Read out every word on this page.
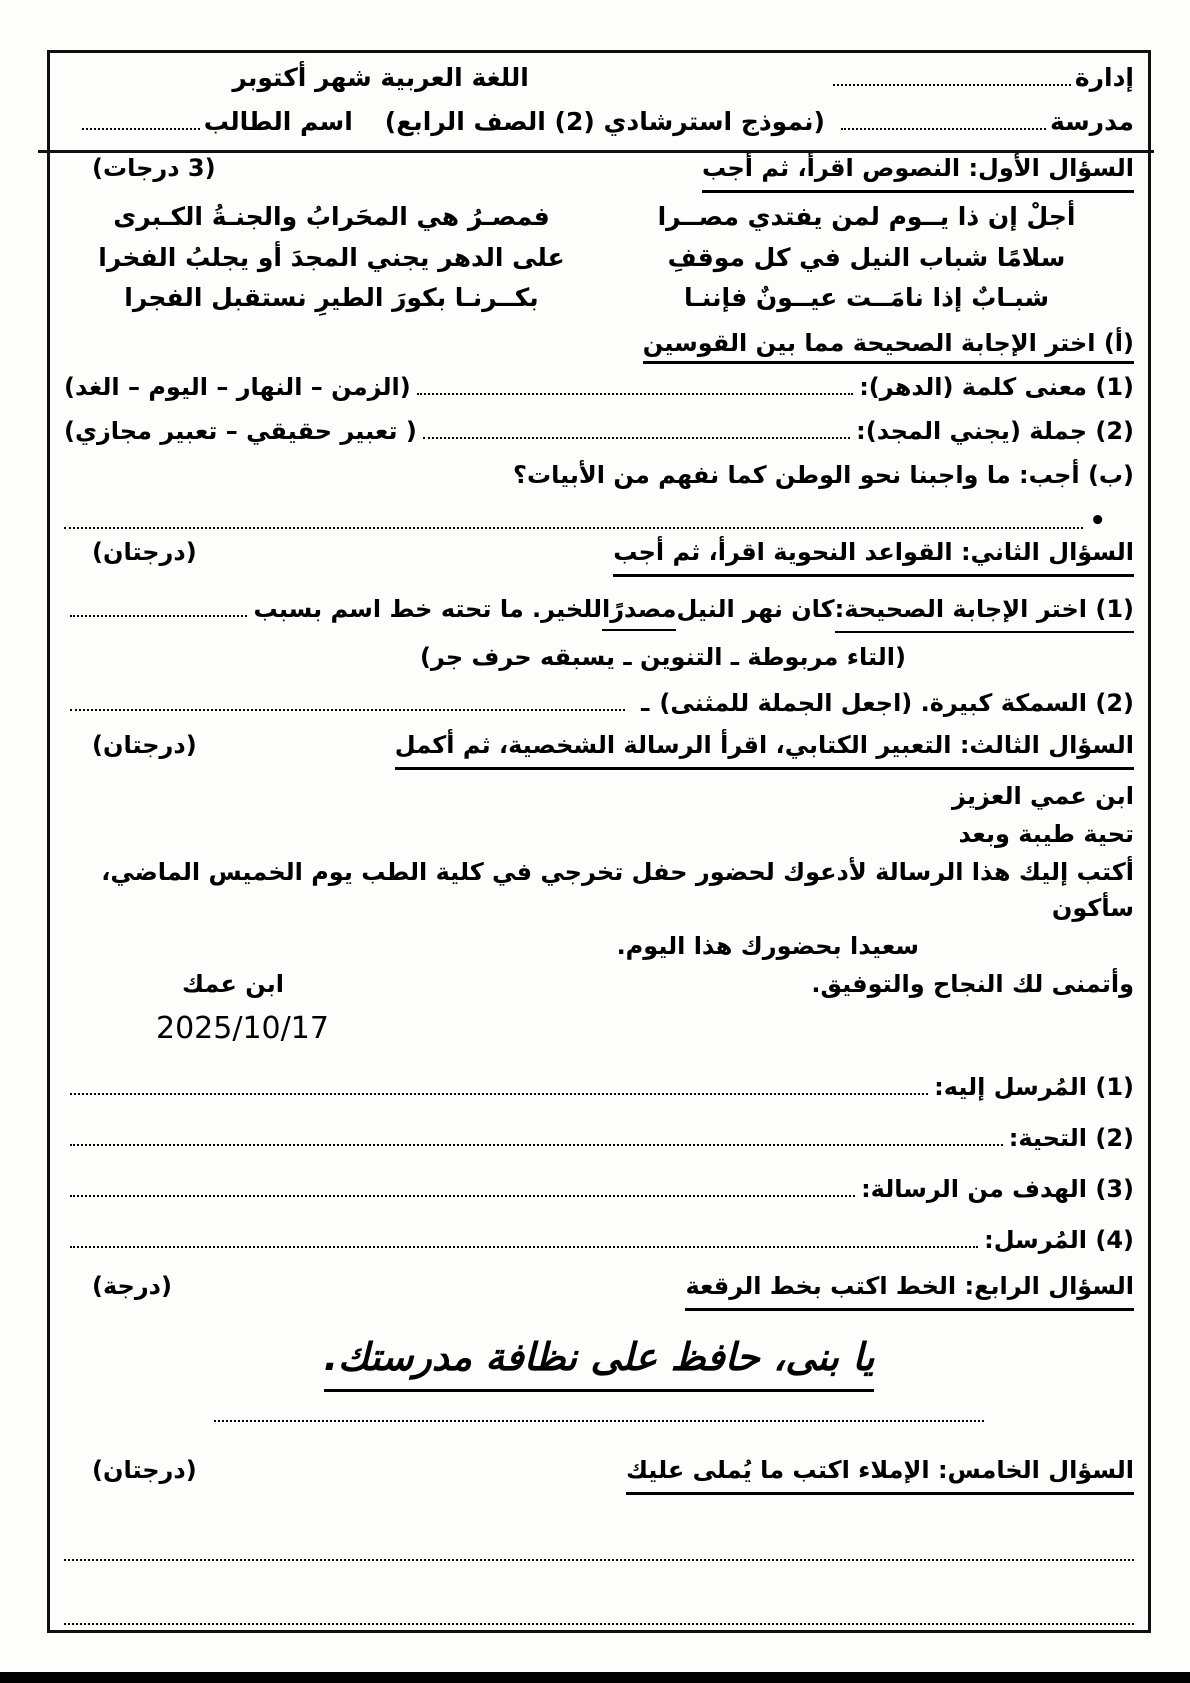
إدارة
اللغة العربية شهر أكتوبر
مدرسة
(نموذج استرشادي (2) الصف الرابع)
اسم الطالب
السؤال الأول: النصوص اقرأ، ثم أجب
(3 درجات)
أجلْ إن ذا يــوم لمن يفتدي مصــرا
فمصـرُ هي المحَرابُ والجنـةُ الكـبرى
سلامًا شباب النيل في كل موقفِ
على الدهر يجني المجدَ أو يجلبُ الفخرا
شبـابٌ إذا نامَــت عيــونٌ فإننـا
بكــرنـا بكورَ الطيرِ نستقبل الفجرا
(أ) اختر الإجابة الصحيحة مما بين القوسين
(1) معنى كلمة (الدهر):
(الزمن – النهار – اليوم – الغد)
(2) جملة (يجني المجد):
( تعبير حقيقي – تعبير مجازي)
(ب) أجب: ما واجبنا نحو الوطن كما نفهم من الأبيات؟
•
السؤال الثاني: القواعد النحوية اقرأ، ثم أجب
(درجتان)
(1) اختر الإجابة الصحيحة:
كان نهر النيل
مصدرًا
للخير. ما تحته خط اسم بسبب
(التاء مربوطة ـ التنوين ـ يسبقه حرف جر)
(2) السمكة كبيرة. (اجعل الجملة للمثنى)
ـ
السؤال الثالث: التعبير الكتابي، اقرأ الرسالة الشخصية، ثم أكمل
(درجتان)
ابن عمي العزيز
تحية طيبة وبعد
أكتب إليك هذا الرسالة لأدعوك لحضور حفل تخرجي في كلية الطب يوم الخميس الماضي، سأكون
سعيدا بحضورك هذا اليوم.
وأتمنى لك النجاح والتوفيق.
ابن عمك
2025/10/17
(1) المُرسل إليه:
(2) التحية:
(3) الهدف من الرسالة:
(4) المُرسل:
السؤال الرابع: الخط اكتب بخط الرقعة
(درجة)
يا بنى، حافظ على نظافة مدرستك.
السؤال الخامس: الإملاء اكتب ما يُملى عليك
(درجتان)
